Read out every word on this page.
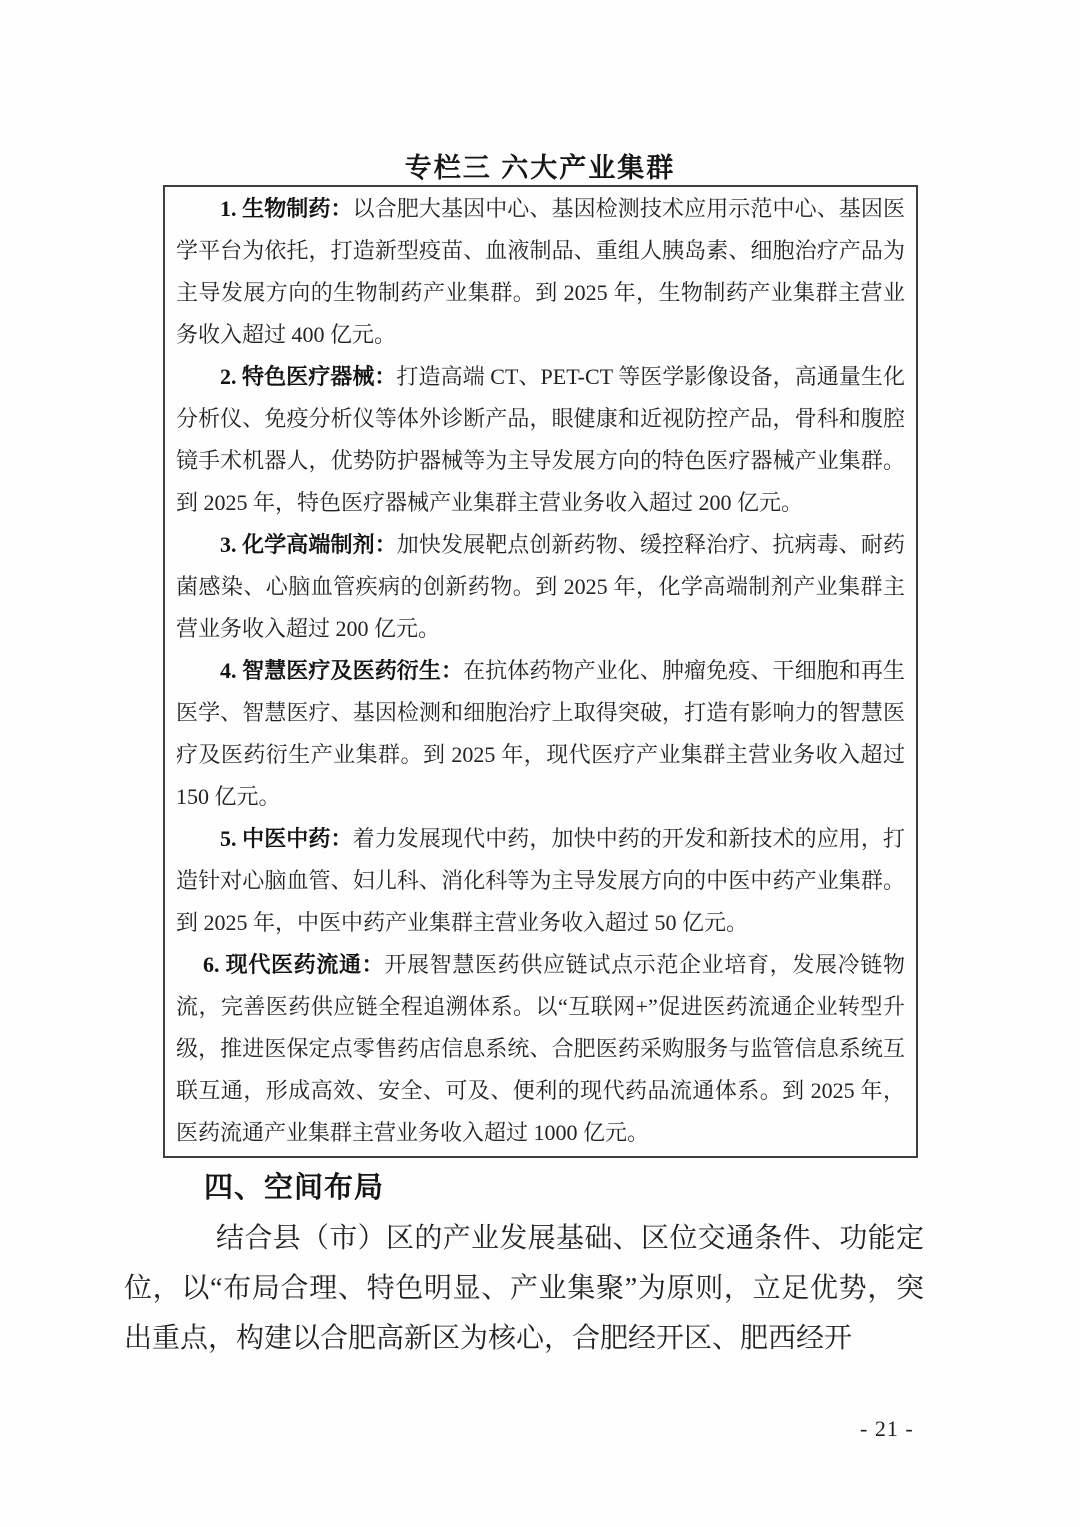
专栏三 六大产业集群

1. 生物制药：以合肥大基因中心、基因检测技术应用示范中心、基因医学平台为依托，打造新型疫苗、血液制品、重组人胰岛素、细胞治疗产品为主导发展方向的生物制药产业集群。到 2025 年，生物制药产业集群主营业务收入超过 400 亿元。

2. 特色医疗器械：打造高端 CT、PET-CT 等医学影像设备，高通量生化分析仪、免疫分析仪等体外诊断产品，眼健康和近视防控产品，骨科和腹腔镜手术机器人，优势防护器械等为主导发展方向的特色医疗器械产业集群。到 2025 年，特色医疗器械产业集群主营业务收入超过 200 亿元。

3. 化学高端制剂：加快发展靶点创新药物、缓控释治疗、抗病毒、耐药菌感染、心脑血管疾病的创新药物。到 2025 年，化学高端制剂产业集群主营业务收入超过 200 亿元。

4. 智慧医疗及医药衍生：在抗体药物产业化、肿瘤免疫、干细胞和再生医学、智慧医疗、基因检测和细胞治疗上取得突破，打造有影响力的智慧医疗及医药衍生产业集群。到 2025 年，现代医疗产业集群主营业务收入超过 150 亿元。

5. 中医中药：着力发展现代中药，加快中药的开发和新技术的应用，打造针对心脑血管、妇儿科、消化科等为主导发展方向的中医中药产业集群。到 2025 年，中医中药产业集群主营业务收入超过 50 亿元。

6. 现代医药流通：开展智慧医药供应链试点示范企业培育，发展冷链物流，完善医药供应链全程追溯体系。以“互联网+”促进医药流通企业转型升级，推进医保定点零售药店信息系统、合肥医药采购服务与监管信息系统互联互通，形成高效、安全、可及、便利的现代药品流通体系。到 2025 年，医药流通产业集群主营业务收入超过 1000 亿元。

四、空间布局

结合县（市）区的产业发展基础、区位交通条件、功能定位，以“布局合理、特色明显、产业集聚”为原则，立足优势，突出重点，构建以合肥高新区为核心，合肥经开区、肥西经开

- 21 -
